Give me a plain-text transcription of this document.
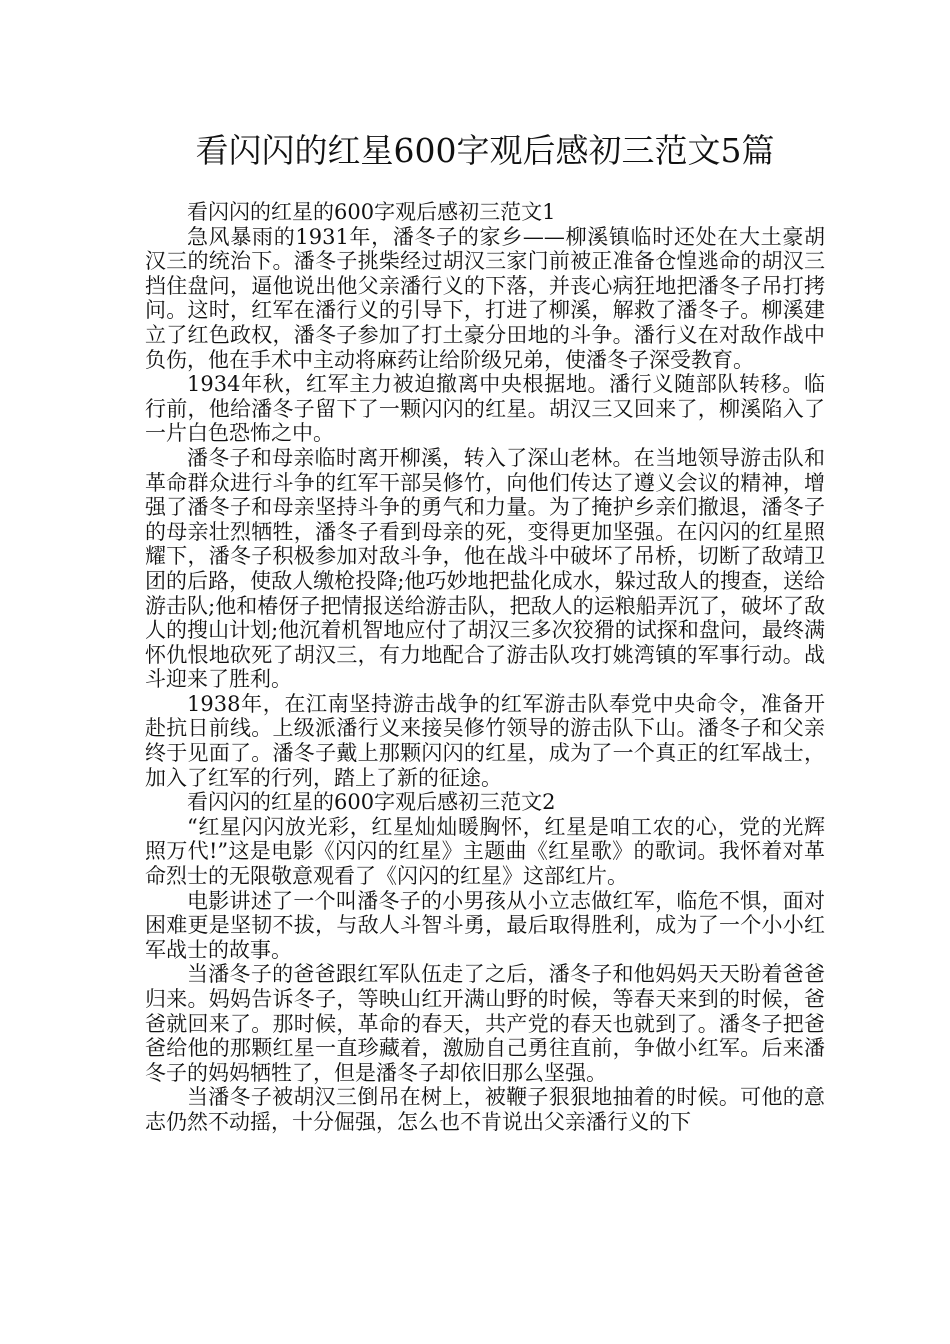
看闪闪的红星600字观后感初三范文5篇

看闪闪的红星的600字观后感初三范文1

急风暴雨的1931年，潘冬子的家乡——柳溪镇临时还处在大土豪胡汉三的统治下。潘冬子挑柴经过胡汉三家门前被正准备仓惶逃命的胡汉三挡住盘问，逼他说出他父亲潘行义的下落，并丧心病狂地把潘冬子吊打拷问。这时，红军在潘行义的引导下，打进了柳溪，解救了潘冬子。柳溪建立了红色政权，潘冬子参加了打土豪分田地的斗争。潘行义在对敌作战中负伤，他在手术中主动将麻药让给阶级兄弟，使潘冬子深受教育。

1934年秋，红军主力被迫撤离中央根据地。潘行义随部队转移。临行前，他给潘冬子留下了一颗闪闪的红星。胡汉三又回来了，柳溪陷入了一片白色恐怖之中。

潘冬子和母亲临时离开柳溪，转入了深山老林。在当地领导游击队和革命群众进行斗争的红军干部吴修竹，向他们传达了遵义会议的精神，增强了潘冬子和母亲坚持斗争的勇气和力量。为了掩护乡亲们撤退，潘冬子的母亲壮烈牺牲，潘冬子看到母亲的死，变得更加坚强。在闪闪的红星照耀下，潘冬子积极参加对敌斗争，他在战斗中破坏了吊桥，切断了敌靖卫团的后路，使敌人缴枪投降;他巧妙地把盐化成水，躲过敌人的搜查，送给游击队;他和椿伢子把情报送给游击队，把敌人的运粮船弄沉了，破坏了敌人的搜山计划;他沉着机智地应付了胡汉三多次狡猾的试探和盘问，最终满怀仇恨地砍死了胡汉三，有力地配合了游击队攻打姚湾镇的军事行动。战斗迎来了胜利。

1938年，在江南坚持游击战争的红军游击队奉党中央命令，准备开赴抗日前线。上级派潘行义来接吴修竹领导的游击队下山。潘冬子和父亲终于见面了。潘冬子戴上那颗闪闪的红星，成为了一个真正的红军战士，加入了红军的行列，踏上了新的征途。

看闪闪的红星的600字观后感初三范文2

“红星闪闪放光彩，红星灿灿暖胸怀，红星是咱工农的心，党的光辉照万代!”这是电影《闪闪的红星》主题曲《红星歌》的歌词。我怀着对革命烈士的无限敬意观看了《闪闪的红星》这部红片。

电影讲述了一个叫潘冬子的小男孩从小立志做红军，临危不惧，面对困难更是坚韧不拔，与敌人斗智斗勇，最后取得胜利，成为了一个小小红军战士的故事。

当潘冬子的爸爸跟红军队伍走了之后，潘冬子和他妈妈天天盼着爸爸归来。妈妈告诉冬子，等映山红开满山野的时候，等春天来到的时候，爸爸就回来了。那时候，革命的春天，共产党的春天也就到了。潘冬子把爸爸给他的那颗红星一直珍藏着，激励自己勇往直前，争做小红军。后来潘冬子的妈妈牺牲了，但是潘冬子却依旧那么坚强。

当潘冬子被胡汉三倒吊在树上，被鞭子狠狠地抽着的时候。可他的意志仍然不动摇，十分倔强，怎么也不肯说出父亲潘行义的下
